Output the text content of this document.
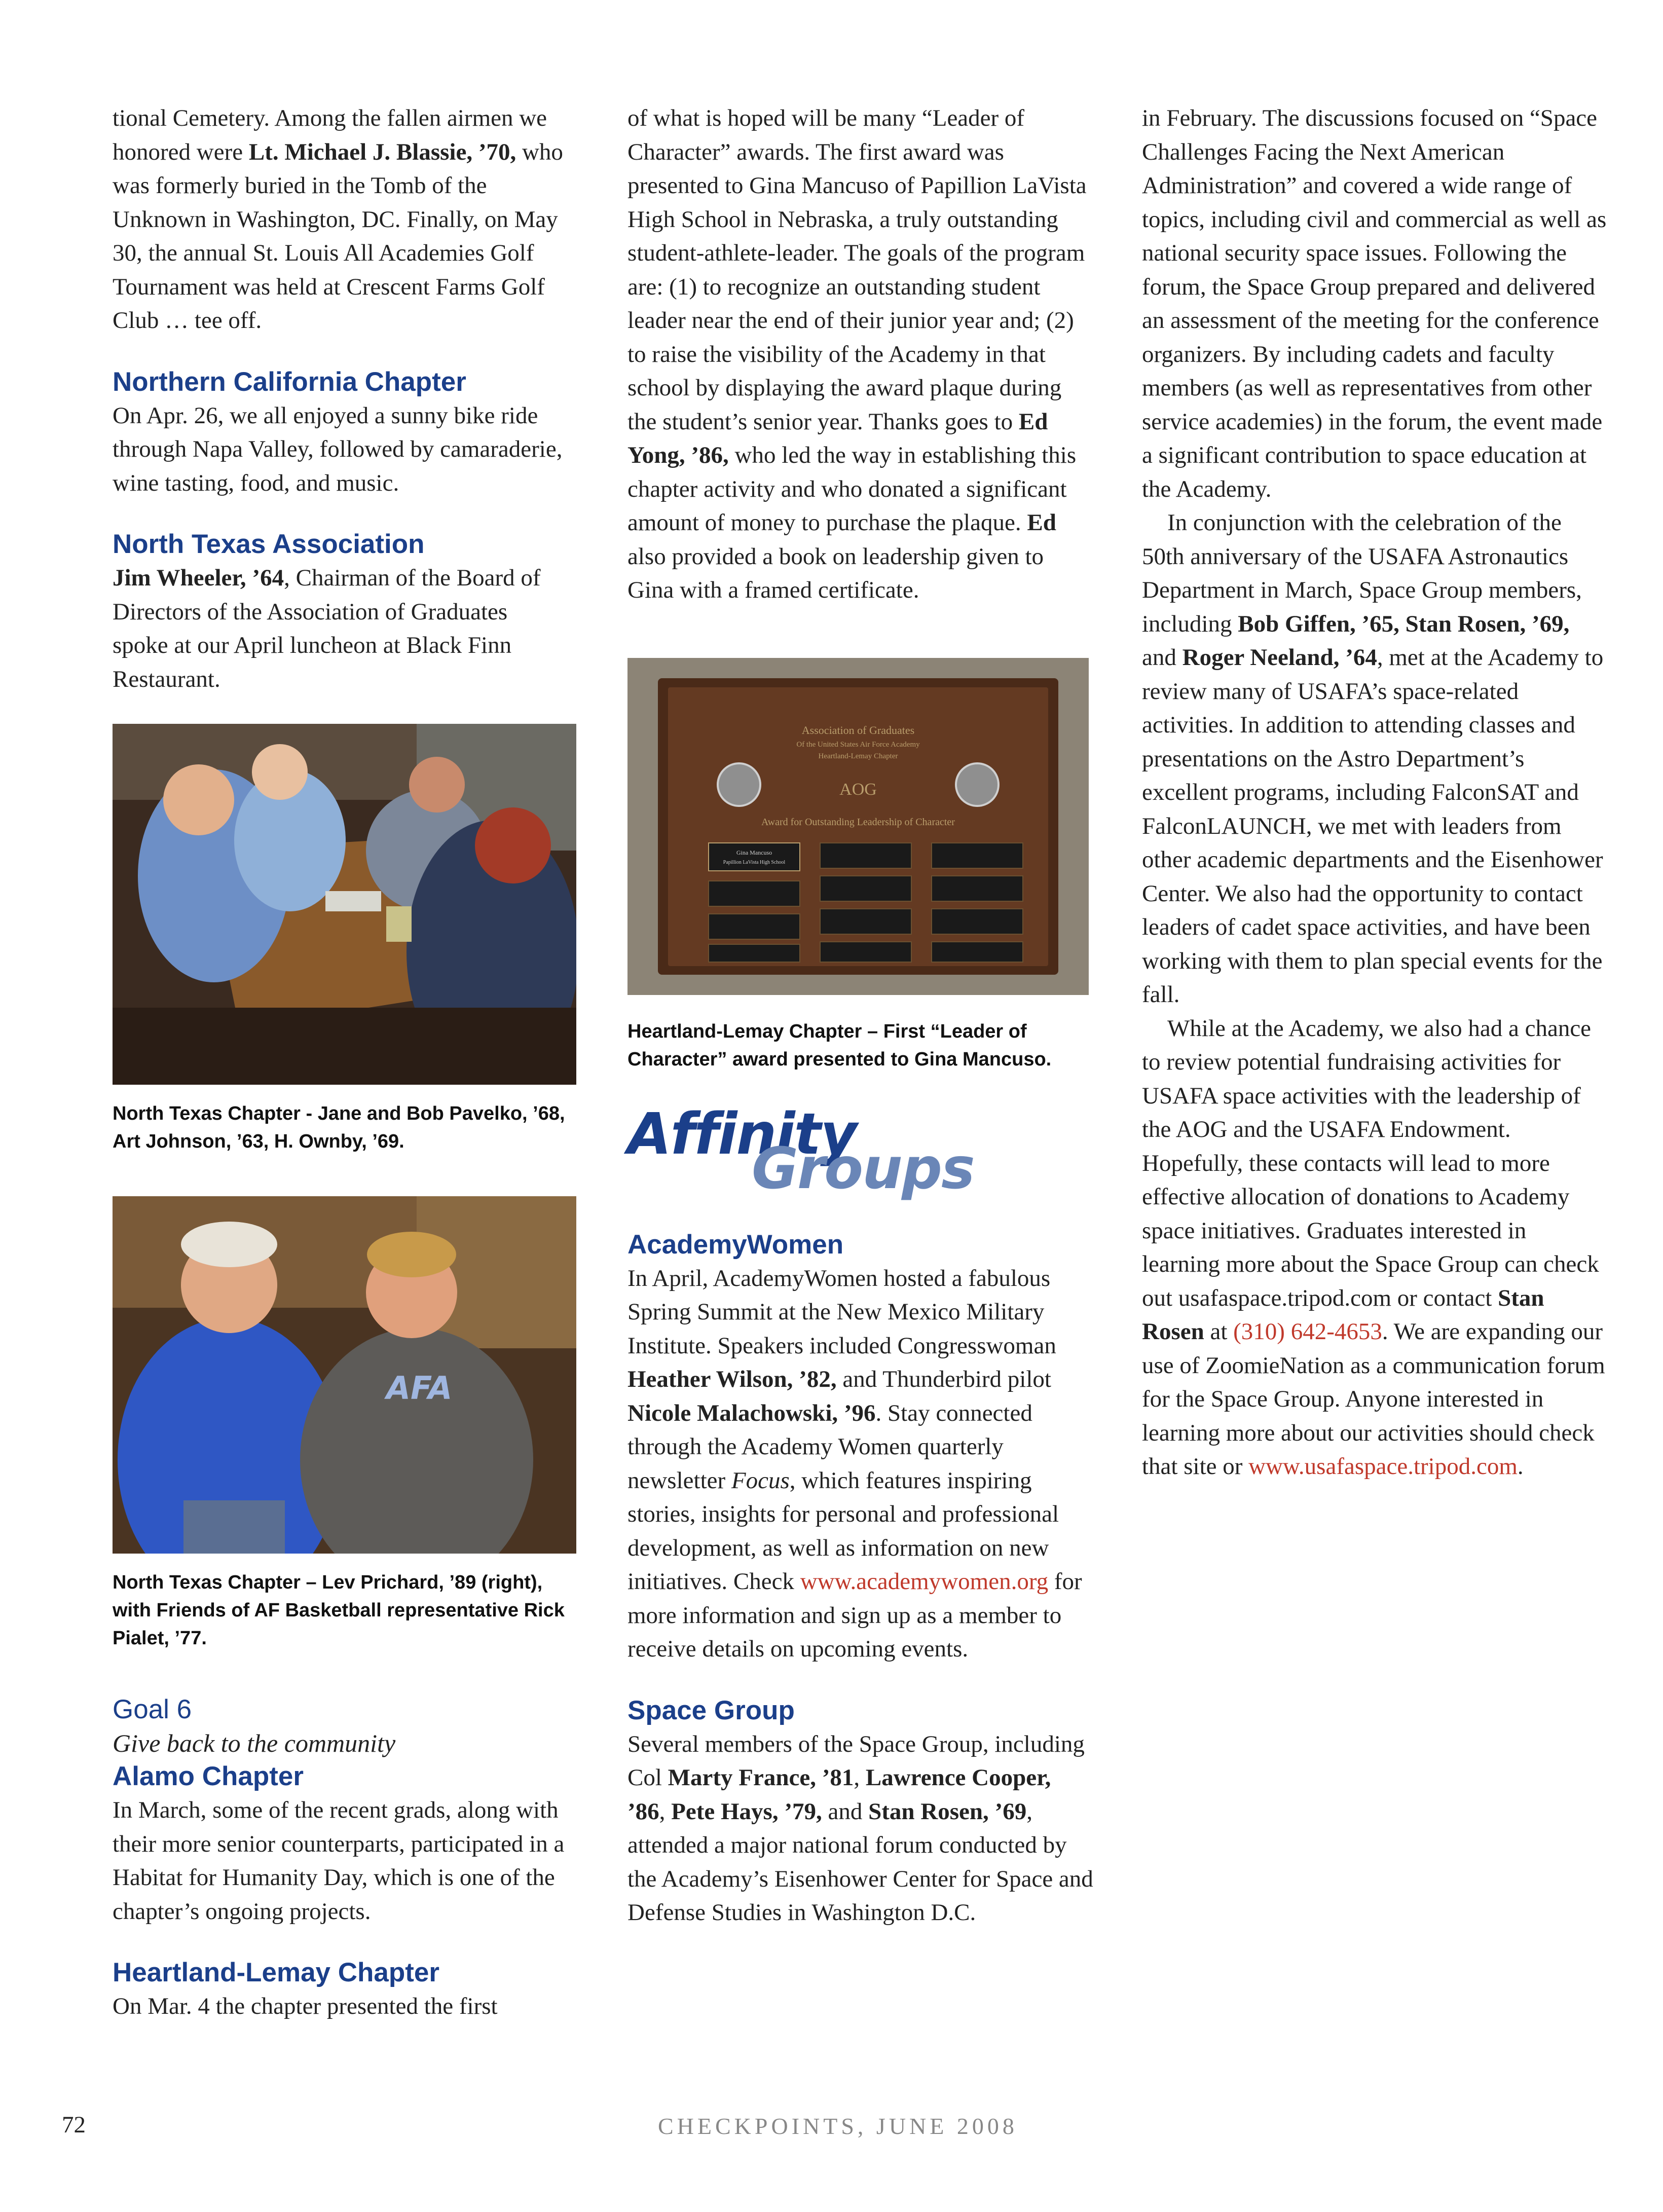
tional Cemetery. Among the fallen airmen we honored were Lt. Michael J. Blassie, ’70, who was formerly buried in the Tomb of the Unknown in Washington, DC. Finally, on May 30, the annual St. Louis All Academies Golf Tournament was held at Crescent Farms Golf Club … tee off.

Northern California Chapter

On Apr. 26, we all enjoyed a sunny bike ride through Napa Valley, followed by camaraderie, wine tasting, food, and music.

North Texas Association

Jim Wheeler, ’64, Chairman of the Board of Directors of the Association of Graduates spoke at our April luncheon at Black Finn Restaurant.

North Texas Chapter - Jane and Bob Pavelko, ’68, Art Johnson, ’63, H. Ownby, ’69.

AFA

North Texas Chapter – Lev Prichard, ’89 (right), with Friends of AF Basketball representative Rick Pialet, ’77.

Goal 6

Give back to the community

Alamo Chapter

In March, some of the recent grads, along with their more senior counterparts, participated in a Habitat for Humanity Day, which is one of the chapter’s ongoing projects.

Heartland-Lemay Chapter

On Mar. 4 the chapter presented the first

of what is hoped will be many “Leader of Character” awards. The first award was presented to Gina Mancuso of Papillion LaVista High School in Nebraska, a truly outstanding student-athlete-leader. The goals of the program are: (1) to recognize an outstanding student leader near the end of their junior year and; (2) to raise the visibility of the Academy in that school by displaying the award plaque during the student’s senior year. Thanks goes to Ed Yong, ’86, who led the way in establishing this chapter activity and who donated a significant amount of money to purchase the plaque. Ed also provided a book on leadership given to Gina with a framed certificate.

Association of Graduates
Of the United States Air Force Academy
Heartland-Lemay Chapter
AOG
Award for Outstanding Leadership of Character
Gina Mancuso
Papillion LaVista High School

Heartland-Lemay Chapter – First “Leader of Character” award presented to Gina Mancuso.

Affinity
Groups

AcademyWomen

In April, AcademyWomen hosted a fabulous Spring Summit at the New Mexico Military Institute. Speakers included Congresswoman Heather Wilson, ’82, and Thunderbird pilot Nicole Malachowski, ’96. Stay connected through the Academy Women quarterly newsletter Focus, which features inspiring stories, insights for personal and professional development, as well as information on new initiatives. Check www.academywomen.org for more information and sign up as a member to receive details on upcoming events.

Space Group

Several members of the Space Group, including Col Marty France, ’81, Lawrence Cooper, ’86, Pete Hays, ’79, and Stan Rosen, ’69, attended a major national forum conducted by the Academy’s Eisenhower Center for Space and Defense Studies in Washington D.C.

in February. The discussions focused on “Space Challenges Facing the Next American Administration” and covered a wide range of topics, including civil and commercial as well as national security space issues. Following the forum, the Space Group prepared and delivered an assessment of the meeting for the conference organizers. By including cadets and faculty members (as well as representatives from other service academies) in the forum, the event made a significant contribution to space education at the Academy.

In conjunction with the celebration of the 50th anniversary of the USAFA Astronautics Department in March, Space Group members, including Bob Giffen, ’65, Stan Rosen, ’69, and Roger Neeland, ’64, met at the Academy to review many of USAFA’s space-related activities. In addition to attending classes and presentations on the Astro Department’s excellent programs, including FalconSAT and FalconLAUNCH, we met with leaders from other academic departments and the Eisenhower Center. We also had the opportunity to contact leaders of cadet space activities, and have been working with them to plan special events for the fall.

While at the Academy, we also had a chance to review potential fundraising activities for USAFA space activities with the leadership of the AOG and the USAFA Endowment. Hopefully, these contacts will lead to more effective allocation of donations to Academy space initiatives. Graduates interested in learning more about the Space Group can check out usafaspace.tripod.com or contact Stan Rosen at (310) 642-4653. We are expanding our use of ZoomieNation as a communication forum for the Space Group. Anyone interested in learning more about our activities should check that site or www.usafaspace.tripod.com.

72	CHECKPOINTS, JUNE 2008
